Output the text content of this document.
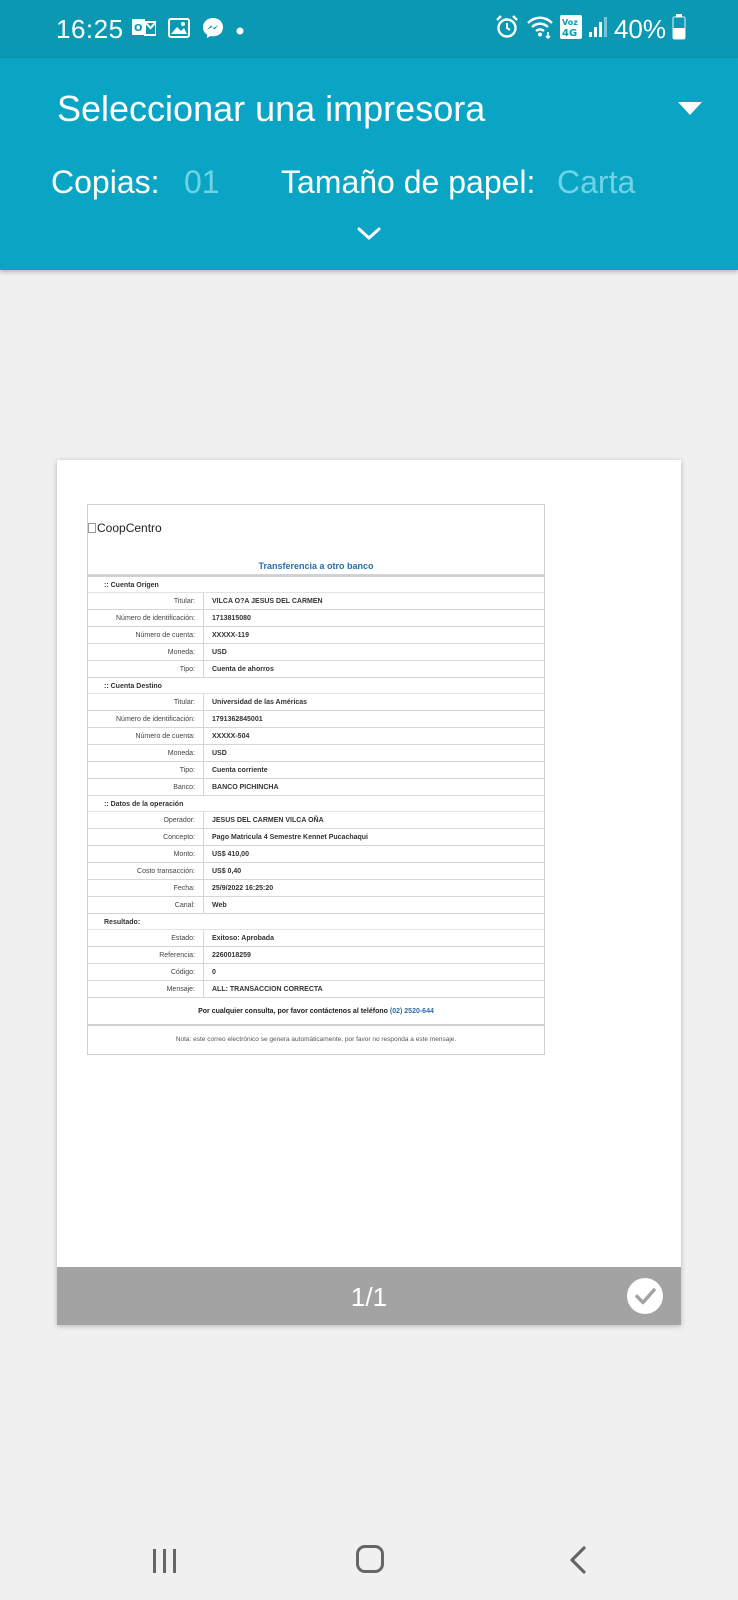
16:25 O
Voz
4G 40%
Seleccionar una impresora
Copias: 01 Tamaño de papel: Carta
CoopCentro
Transferencia a otro banco
:: Cuenta Origen
Titular:	VILCA O?A JESUS DEL CARMEN
Número de identificación:	1713815080
Número de cuenta:	XXXXX-119
Moneda:	USD
Tipo:	Cuenta de ahorros
:: Cuenta Destino
Titular:	Universidad de las Américas
Número de identificación:	1791362845001
Número de cuenta:	XXXXX-504
Moneda:	USD
Tipo:	Cuenta corriente
Banco:	BANCO PICHINCHA
:: Datos de la operación
Operador:	JESUS DEL CARMEN VILCA OÑA
Concepto:	Pago Matricula 4 Semestre Kennet Pucachaqui
Monto:	US$ 410,00
Costo transacción:	US$ 0,40
Fecha:	25/9/2022 16:25:20
Canal:	Web
Resultado:
Estado:	Exitoso: Aprobada
Referencia:	2260018259
Código:	0
Mensaje:	ALL: TRANSACCION CORRECTA
Por cualquier consulta, por favor contáctenos al teléfono (02) 2520-644
Nota: este correo electrónico se genera automáticamente, por favor no responda a este mensaje.
1/1
